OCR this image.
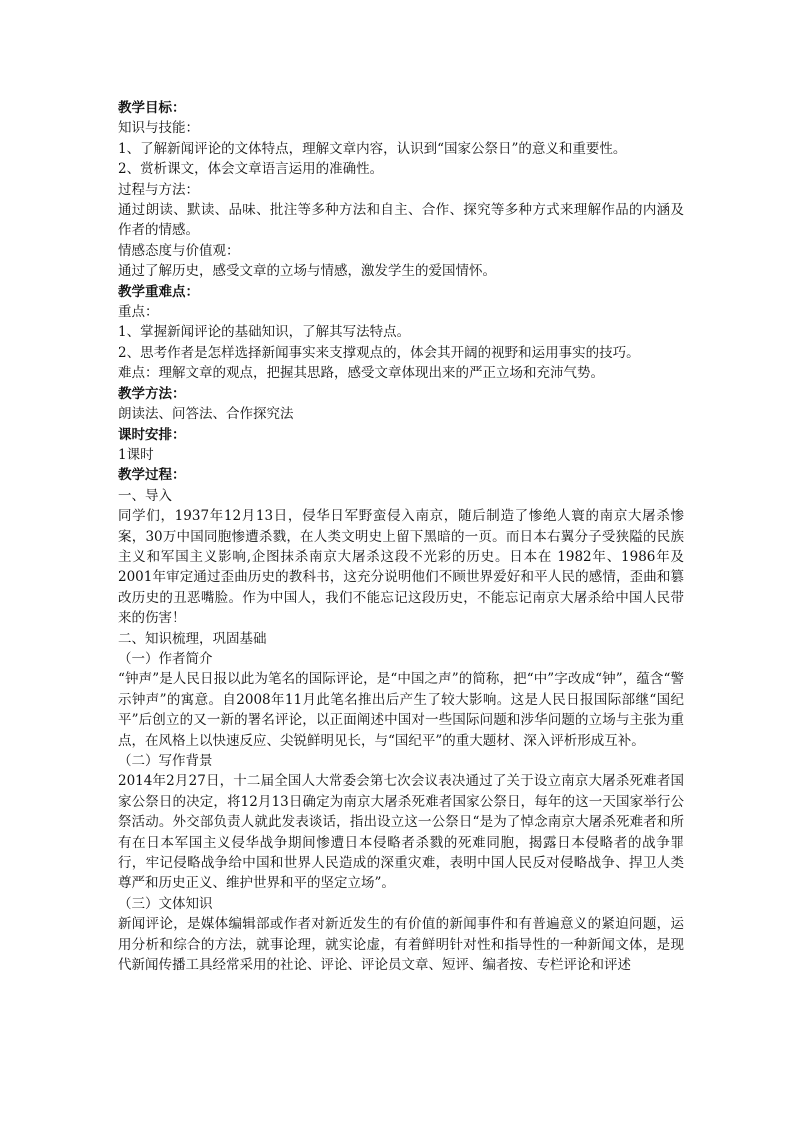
教学目标：
知识与技能：
1、了解新闻评论的文体特点，理解文章内容，认识到“国家公祭日”的意义和重要性。
2、赏析课文，体会文章语言运用的准确性。
过程与方法：
通过朗读、默读、品味、批注等多种方法和自主、合作、探究等多种方式来理解作品的内涵及作者的情感。
情感态度与价值观：
通过了解历史，感受文章的立场与情感，激发学生的爱国情怀。
教学重难点：
重点：
1、掌握新闻评论的基础知识，了解其写法特点。
2、思考作者是怎样选择新闻事实来支撑观点的，体会其开阔的视野和运用事实的技巧。
难点：理解文章的观点，把握其思路，感受文章体现出来的严正立场和充沛气势。
教学方法：
朗读法、问答法、合作探究法
课时安排：
1课时
教学过程：
一、导入
同学们，1937年12月13日，侵华日军野蛮侵入南京，随后制造了惨绝人寰的南京大屠杀惨案，30万中国同胞惨遭杀戮，在人类文明史上留下黑暗的一页。而日本右翼分子受狭隘的民族主义和军国主义影响,企图抹杀南京大屠杀这段不光彩的历史。日本在 1982年、1986年及2001年审定通过歪曲历史的教科书，这充分说明他们不顾世界爱好和平人民的感情，歪曲和篡改历史的丑恶嘴脸。作为中国人，我们不能忘记这段历史，不能忘记南京大屠杀给中国人民带来的伤害！
二、知识梳理，巩固基础
（一）作者简介
“钟声”是人民日报以此为笔名的国际评论，是“中国之声”的简称，把“中”字改成“钟”，蕴含“警示钟声”的寓意。自2008年11月此笔名推出后产生了较大影响。这是人民日报国际部继“国纪平”后创立的又一新的署名评论，以正面阐述中国对一些国际问题和涉华问题的立场与主张为重点，在风格上以快速反应、尖锐鲜明见长，与“国纪平”的重大题材、深入评析形成互补。
（二）写作背景
2014年2月27日，十二届全国人大常委会第七次会议表决通过了关于设立南京大屠杀死难者国家公祭日的决定，将12月13日确定为南京大屠杀死难者国家公祭日，每年的这一天国家举行公祭活动。外交部负责人就此发表谈话，指出设立这一公祭日“是为了悼念南京大屠杀死难者和所有在日本军国主义侵华战争期间惨遭日本侵略者杀戮的死难同胞，揭露日本侵略者的战争罪行，牢记侵略战争给中国和世界人民造成的深重灾难，表明中国人民反对侵略战争、捍卫人类尊严和历史正义、维护世界和平的坚定立场”。
（三）文体知识
新闻评论，是媒体编辑部或作者对新近发生的有价值的新闻事件和有普遍意义的紧迫问题，运用分析和综合的方法，就事论理，就实论虚，有着鲜明针对性和指导性的一种新闻文体，是现代新闻传播工具经常采用的社论、评论、评论员文章、短评、编者按、专栏评论和评述
